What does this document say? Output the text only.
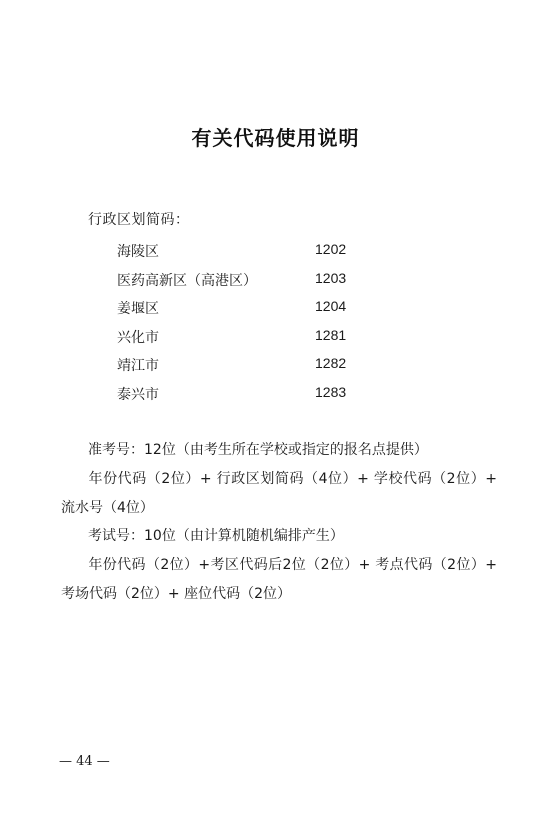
有关代码使用说明
行政区划简码：
海陵区	1202
医药高新区（高港区）	1203
姜堰区	1204
兴化市	1281
靖江市	1282
泰兴市	1283
准考号：12位（由考生所在学校或指定的报名点提供）
年份代码（2位）+ 行政区划简码（4位）+ 学校代码（2位）+ 流水号（4位）
考试号：10位（由计算机随机编排产生）
年份代码（2位）+考区代码后2位（2位）+ 考点代码（2位）+ 考场代码（2位）+ 座位代码（2位）
— 44 —
